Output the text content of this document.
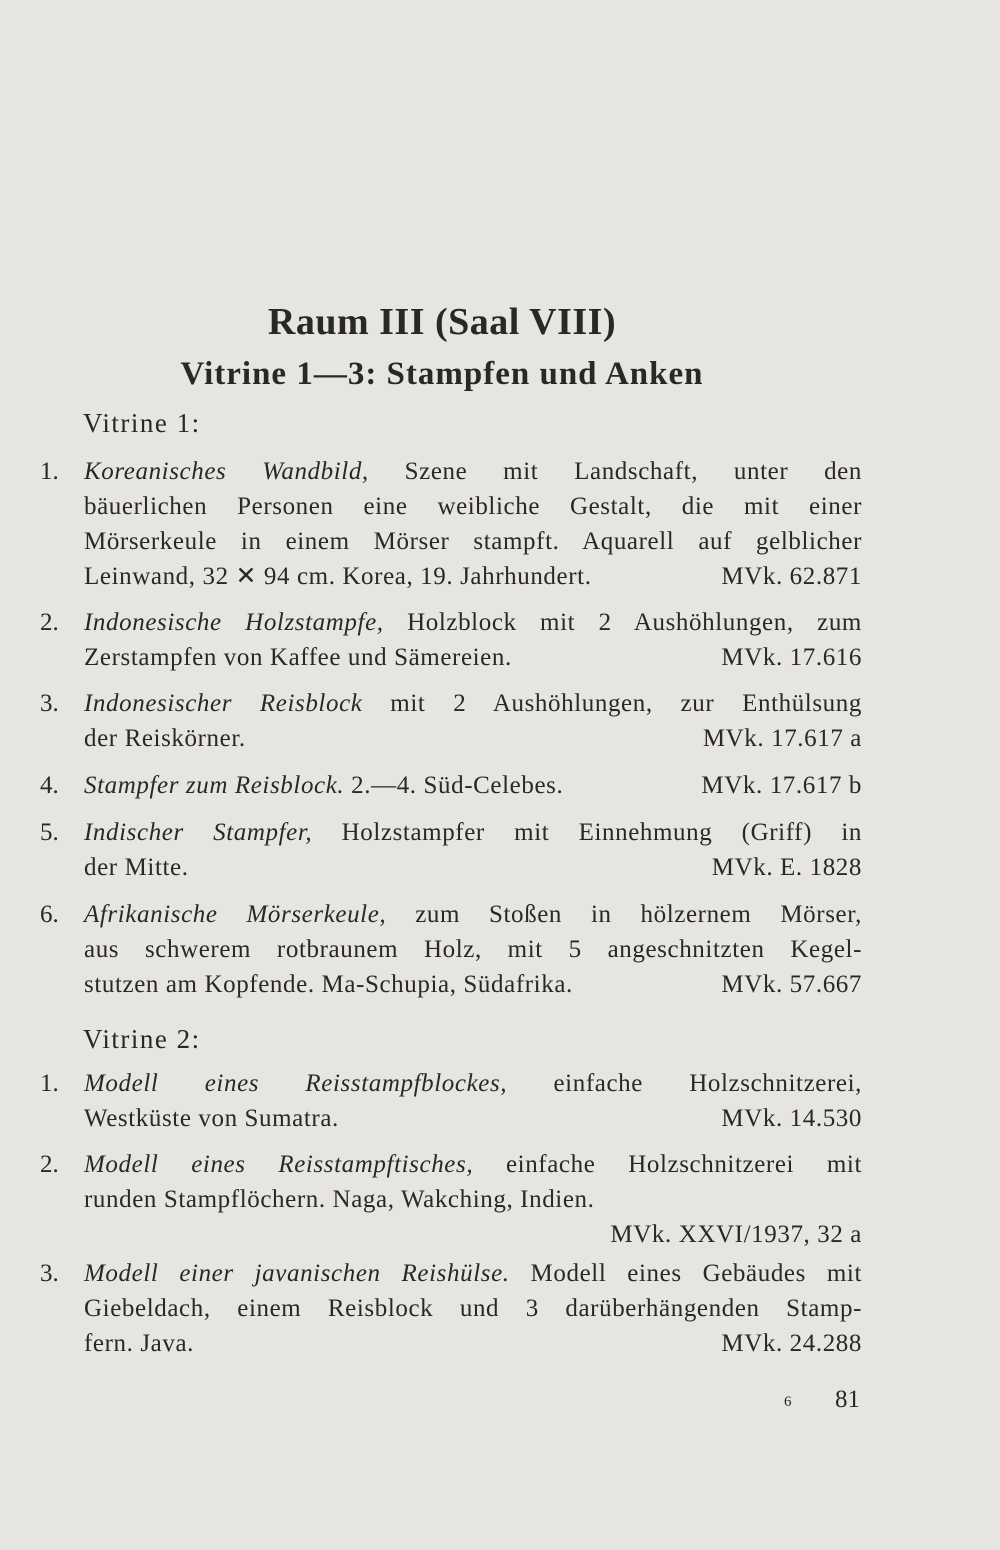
Raum III (Saal VIII)
Vitrine 1—3: Stampfen und Anken
Vitrine 1:
1. Koreanisches Wandbild, Szene mit Landschaft, unter den
bäuerlichen Personen eine weibliche Gestalt, die mit einer
Mörserkeule in einem Mörser stampft. Aquarell auf gelblicher
Leinwand, 32 ✕ 94 cm. Korea, 19. Jahrhundert.	MVk. 62.871
2. Indonesische Holzstampfe, Holzblock mit 2 Aushöhlungen, zum
Zerstampfen von Kaffee und Sämereien.	MVk. 17.616
3. Indonesischer Reisblock mit 2 Aushöhlungen, zur Enthülsung
der Reiskörner.	MVk. 17.617 a
4. Stampfer zum Reisblock. 2.—4. Süd-Celebes.	MVk. 17.617 b
5. Indischer Stampfer, Holzstampfer mit Einnehmung (Griff) in
der Mitte.	MVk. E. 1828
6. Afrikanische Mörserkeule, zum Stoßen in hölzernem Mörser,
aus schwerem rotbraunem Holz, mit 5 angeschnitzten Kegel-
stutzen am Kopfende. Ma-Schupia, Südafrika.	MVk. 57.667
Vitrine 2:
1. Modell eines Reisstampfblockes, einfache Holzschnitzerei,
Westküste von Sumatra.	MVk. 14.530
2. Modell eines Reisstampftisches, einfache Holzschnitzerei mit
runden Stampflöchern. Naga, Wakching, Indien.
MVk. XXVI/1937, 32 a
3. Modell einer javanischen Reishülse. Modell eines Gebäudes mit
Giebeldach, einem Reisblock und 3 darüberhängenden Stamp-
fern. Java.	MVk. 24.288
6 81
